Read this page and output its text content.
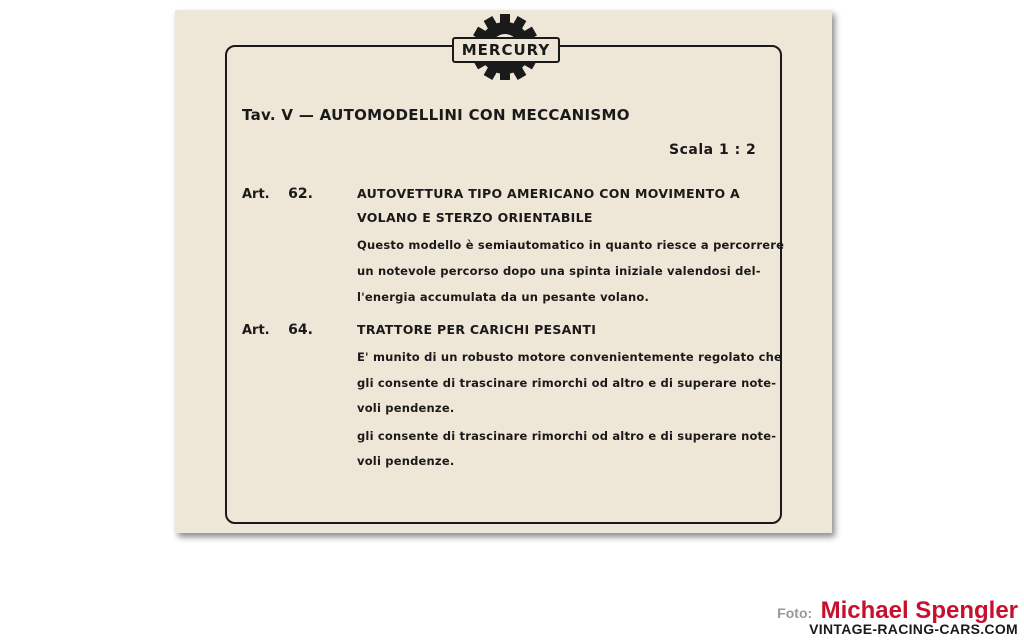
MERCURY
Tav. V — AUTOMODELLINI CON MECCANISMO
Scala 1 : 2
Art. 62.	AUTOVETTURA TIPO AMERICANO CON MOVIMENTO A
VOLANO E STERZO ORIENTABILE
Questo modello è semiautomatico in quanto riesce a percorrere
un notevole percorso dopo una spinta iniziale valendosi del-
l'energia accumulata da un pesante volano.
Art. 64.	TRATTORE PER CARICHI PESANTI
E' munito di un robusto motore convenientemente regolato che
gli consente di trascinare rimorchi od altro e di superare note-
voli pendenze.
gli consente di trascinare rimorchi od altro e di superare note-
voli pendenze.
Foto: Michael Spengler
VINTAGE-RACING-CARS.COM
